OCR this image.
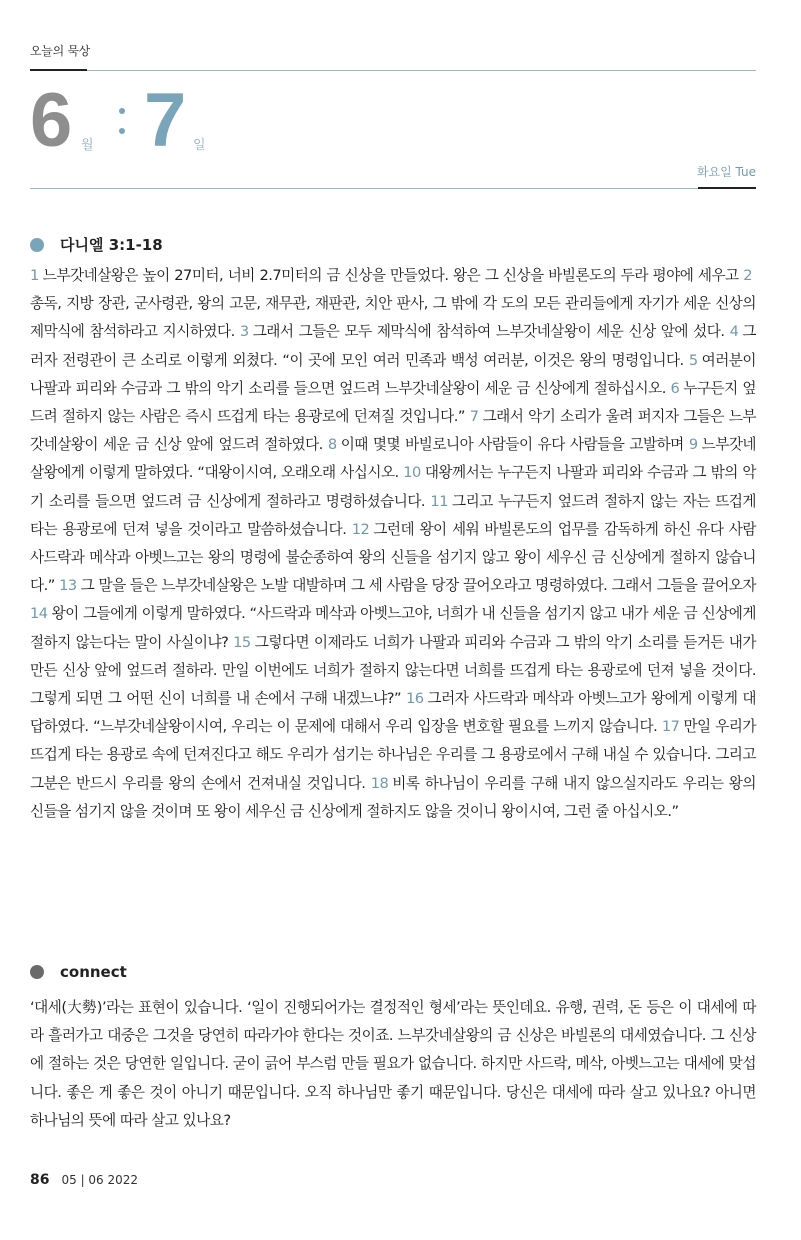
오늘의 묵상
6 월 7 일
화요일 Tue
다니엘 3:1-18
1 느부갓네살왕은 높이 27미터, 너비 2.7미터의 금 신상을 만들었다. 왕은 그 신상을 바빌론도의 두라 평야에 세우고 2총독, 지방 장관, 군사령관, 왕의 고문, 재무관, 재판관, 치안 판사, 그 밖에 각 도의 모든 관리들에게 자기가 세운 신상의 제막식에 참석하라고 지시하였다. 3 그래서 그들은 모두 제막식에 참석하여 느부갓네살왕이 세운 신상 앞에 섰다. 4 그러자 전령관이 큰 소리로 이렇게 외쳤다. “이 곳에 모인 여러 민족과 백성 여러분, 이것은 왕의 명령입니다. 5 여러분이 나팔과 피리와 수금과 그 밖의 악기 소리를 들으면 엎드려 느부갓네살왕이 세운 금 신상에게 절하십시오. 6 누구든지 엎드려 절하지 않는 사람은 즉시 뜨겁게 타는 용광로에 던져질 것입니다.” 7 그래서 악기 소리가 울려 퍼지자 그들은 느부갓네살왕이 세운 금 신상 앞에 엎드려 절하였다. 8 이때 몇몇 바빌로니아 사람들이 유다 사람들을 고발하며 9 느부갓네살왕에게 이렇게 말하였다. “대왕이시여, 오래오래 사십시오. 10 대왕께서는 누구든지 나팔과 피리와 수금과 그 밖의 악기 소리를 들으면 엎드려 금 신상에게 절하라고 명령하셨습니다. 11 그리고 누구든지 엎드려 절하지 않는 자는 뜨겁게 타는 용광로에 던져 넣을 것이라고 말씀하셨습니다. 12 그런데 왕이 세워 바빌론도의 업무를 감독하게 하신 유다 사람 사드락과 메삭과 아벳느고는 왕의 명령에 불순종하여 왕의 신들을 섬기지 않고 왕이 세우신 금 신상에게 절하지 않습니다.” 13 그 말을 들은 느부갓네살왕은 노발 대발하며 그 세 사람을 당장 끌어오라고 명령하였다. 그래서 그들을 끌어오자 14 왕이 그들에게 이렇게 말하였다. “사드락과 메삭과 아벳느고야, 너희가 내 신들을 섬기지 않고 내가 세운 금 신상에게 절하지 않는다는 말이 사실이냐? 15 그렇다면 이제라도 너희가 나팔과 피리와 수금과 그 밖의 악기 소리를 듣거든 내가 만든 신상 앞에 엎드려 절하라. 만일 이번에도 너희가 절하지 않는다면 너희를 뜨겁게 타는 용광로에 던져 넣을 것이다. 그렇게 되면 그 어떤 신이 너희를 내 손에서 구해 내겠느냐?” 16 그러자 사드락과 메삭과 아벳느고가 왕에게 이렇게 대답하였다. “느부갓네살왕이시여, 우리는 이 문제에 대해서 우리 입장을 변호할 필요를 느끼지 않습니다. 17 만일 우리가 뜨겁게 타는 용광로 속에 던져진다고 해도 우리가 섬기는 하나님은 우리를 그 용광로에서 구해 내실 수 있습니다. 그리고 그분은 반드시 우리를 왕의 손에서 건져내실 것입니다. 18 비록 하나님이 우리를 구해 내지 않으실지라도 우리는 왕의 신들을 섬기지 않을 것이며 또 왕이 세우신 금 신상에게 절하지도 않을 것이니 왕이시여, 그런 줄 아십시오.”
connect
‘대세(大勢)’라는 표현이 있습니다. ‘일이 진행되어가는 결정적인 형세’라는 뜻인데요. 유행, 권력, 돈 등은 이 대세에 따라 흘러가고 대중은 그것을 당연히 따라가야 한다는 것이죠. 느부갓네살왕의 금 신상은 바빌론의 대세였습니다. 그 신상에 절하는 것은 당연한 일입니다. 굳이 긁어 부스럼 만들 필요가 없습니다. 하지만 사드락, 메삭, 아벳느고는 대세에 맞섭니다. 좋은 게 좋은 것이 아니기 때문입니다. 오직 하나님만 좋기 때문입니다. 당신은 대세에 따라 살고 있나요? 아니면 하나님의 뜻에 따라 살고 있나요?
86 05 | 06 2022
